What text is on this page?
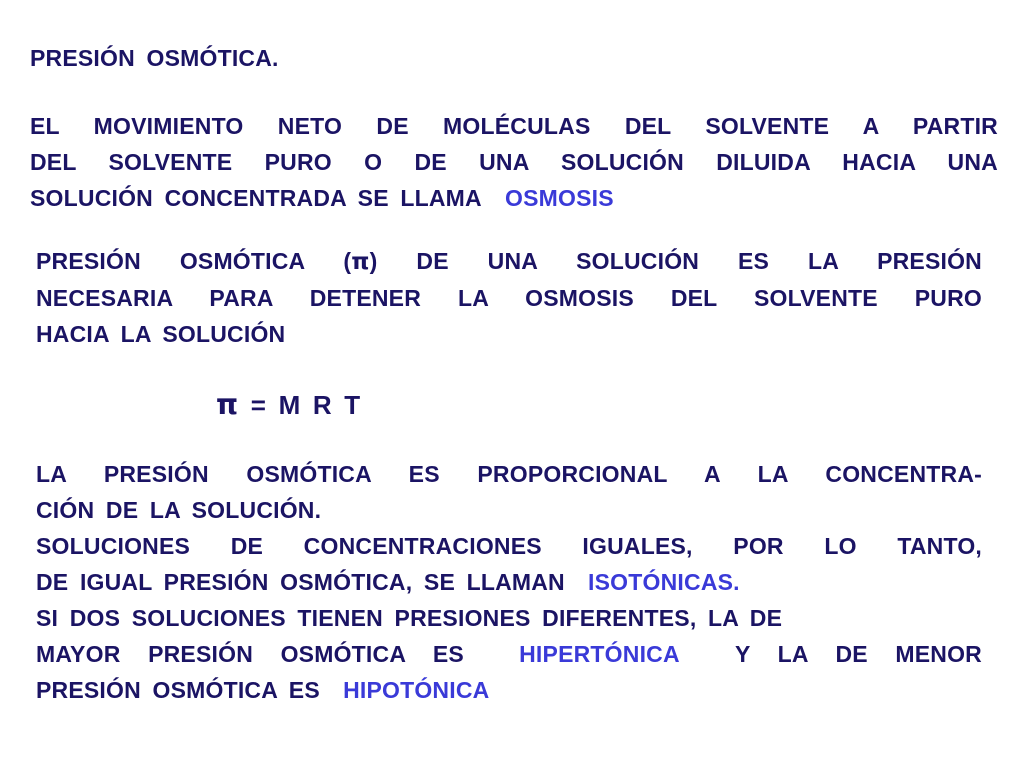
PRESIÓN OSMÓTICA.
EL MOVIMIENTO NETO DE MOLÉCULAS DEL SOLVENTE A PARTIR
DEL SOLVENTE PURO O DE UNA SOLUCIÓN DILUIDA HACIA UNA
SOLUCIÓN CONCENTRADA SE LLAMA OSMOSIS
PRESIÓN OSMÓTICA (π) DE UNA SOLUCIÓN ES LA PRESIÓN
NECESARIA PARA DETENER LA OSMOSIS DEL SOLVENTE PURO
HACIA LA SOLUCIÓN
π = M R T
LA PRESIÓN OSMÓTICA ES PROPORCIONAL A LA CONCENTRA-
CIÓN DE LA SOLUCIÓN.
SOLUCIONES DE CONCENTRACIONES IGUALES, POR LO TANTO,
DE IGUAL PRESIÓN OSMÓTICA, SE LLAMAN ISOTÓNICAS.
SI DOS SOLUCIONES TIENEN PRESIONES DIFERENTES, LA DE
MAYOR PRESIÓN OSMÓTICA ES HIPERTÓNICA Y LA DE MENOR
PRESIÓN OSMÓTICA ES HIPOTÓNICA
